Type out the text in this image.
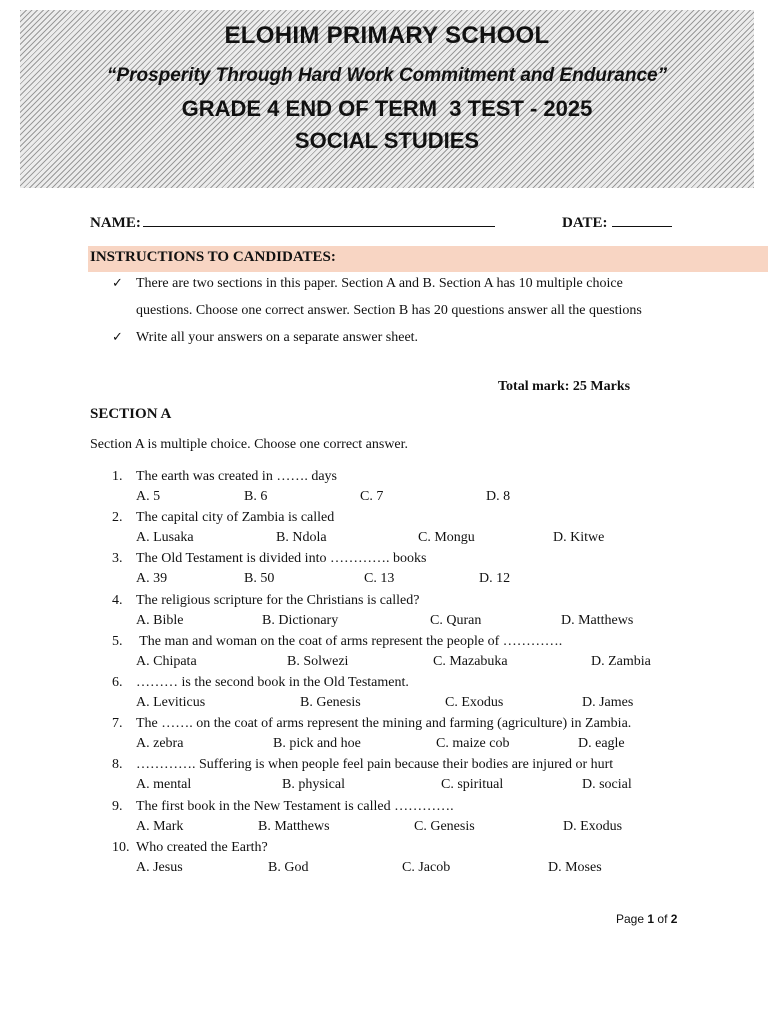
ELOHIM PRIMARY SCHOOL
“Prosperity Through Hard Work Commitment and Endurance”
GRADE 4 END OF TERM  3 TEST - 2025
SOCIAL STUDIES
NAME:	DATE:
INSTRUCTIONS TO CANDIDATES:
✓ There are two sections in this paper. Section A and B. Section A has 10 multiple choice questions. Choose one correct answer. Section B has 20 questions answer all the questions
✓ Write all your answers on a separate answer sheet.
Total mark: 25 Marks
SECTION A
Section A is multiple choice. Choose one correct answer.
1. The earth was created in ……. days
A. 5	B. 6	C. 7	D. 8
2. The capital city of Zambia is called
A. Lusaka	B. Ndola	C. Mongu	D. Kitwe
3. The Old Testament is divided into …………. books
A. 39	B. 50	C. 13	D. 12
4. The religious scripture for the Christians is called?
A. Bible	B. Dictionary	C. Quran	D. Matthews
5. The man and woman on the coat of arms represent the people of ………….
A. Chipata	B. Solwezi	C. Mazabuka	D. Zambia
6. ……… is the second book in the Old Testament.
A. Leviticus	B. Genesis	C. Exodus	D. James
7. The ……. on the coat of arms represent the mining and farming (agriculture) in Zambia.
A. zebra	B. pick and hoe	C. maize cob	D. eagle
8. …………. Suffering is when people feel pain because their bodies are injured or hurt
A. mental	B. physical	C. spiritual	D. social
9. The first book in the New Testament is called ………….
A. Mark	B. Matthews	C. Genesis	D. Exodus
10. Who created the Earth?
A. Jesus	B. God	C. Jacob	D. Moses
Page 1 of 2
